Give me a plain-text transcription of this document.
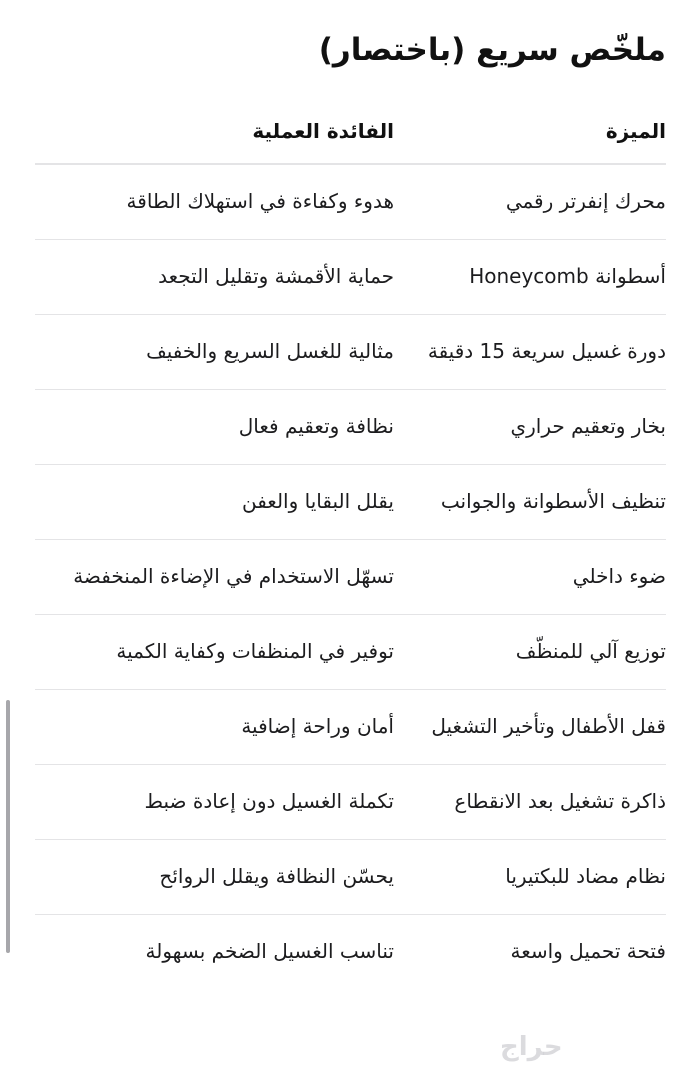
ملخّص سريع (باختصار)
الميزة	الفائدة العملية
محرك إنفرتر رقمي	هدوء وكفاءة في استهلاك الطاقة
أسطوانة Honeycomb	حماية الأقمشة وتقليل التجعد
دورة غسيل سريعة 15 دقيقة	مثالية للغسل السريع والخفيف
بخار وتعقيم حراري	نظافة وتعقيم فعال
تنظيف الأسطوانة والجوانب	يقلل البقايا والعفن
ضوء داخلي	تسهّل الاستخدام في الإضاءة المنخفضة
توزيع آلي للمنظّف	توفير في المنظفات وكفاية الكمية
قفل الأطفال وتأخير التشغيل	أمان وراحة إضافية
ذاكرة تشغيل بعد الانقطاع	تكملة الغسيل دون إعادة ضبط
نظام مضاد للبكتيريا	يحسّن النظافة ويقلل الروائح
فتحة تحميل واسعة	تناسب الغسيل الضخم بسهولة
حراج
